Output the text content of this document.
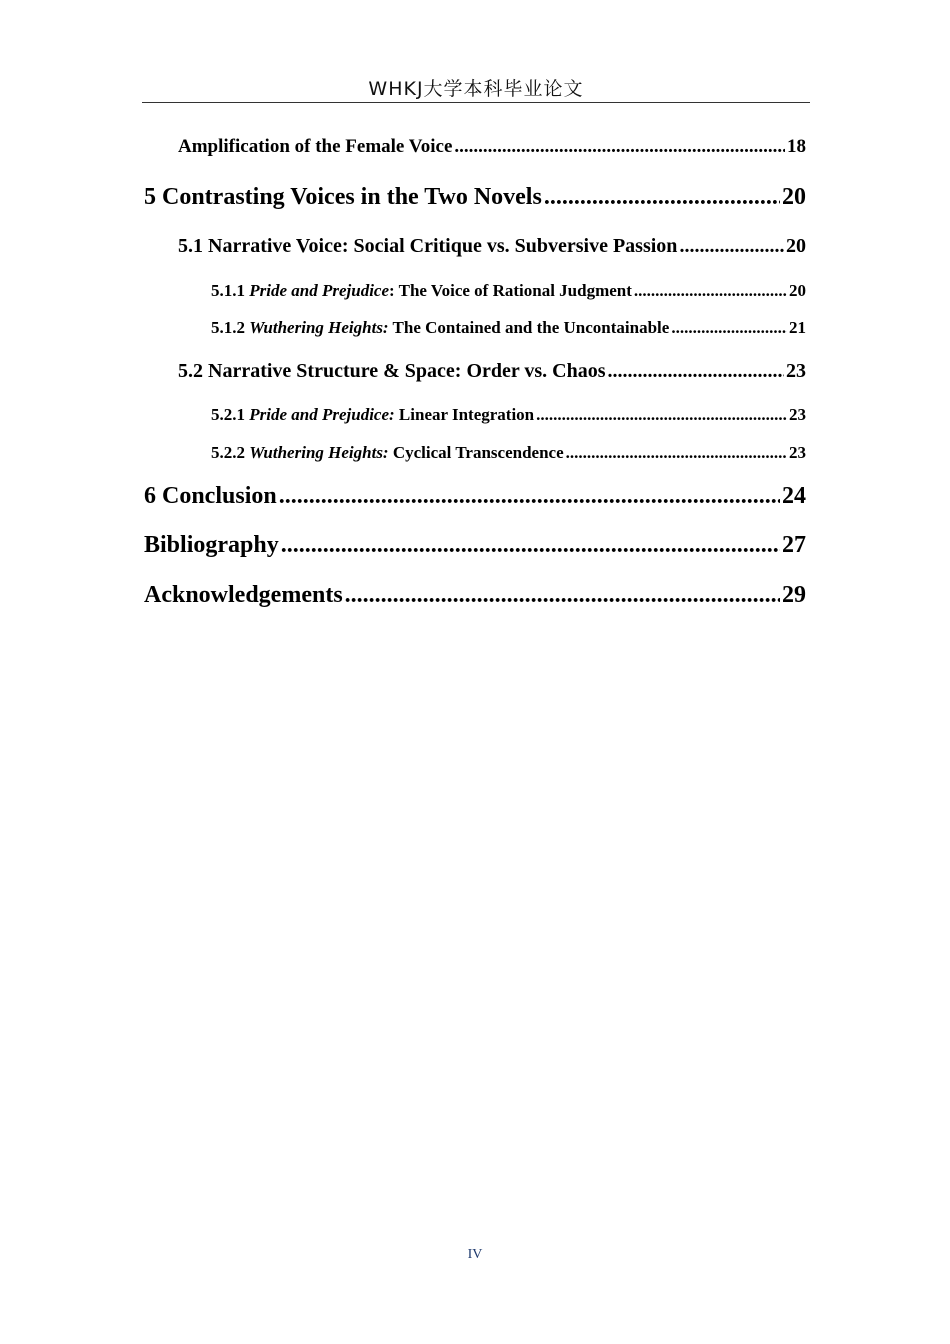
WHKJ大学本科毕业论文
Amplification of the Female Voice .....	18
5 Contrasting Voices in the Two Novels .....	20
5.1 Narrative Voice: Social Critique vs. Subversive Passion .....	20
5.1.1 Pride and Prejudice: The Voice of Rational Judgment .....	20
5.1.2 Wuthering Heights: The Contained and the Uncontainable .....	21
5.2 Narrative Structure & Space: Order vs. Chaos .....	23
5.2.1 Pride and Prejudice: Linear Integration .....	23
5.2.2 Wuthering Heights: Cyclical Transcendence .....	23
6 Conclusion .....	24
Bibliography .....	27
Acknowledgements .....	29
IV
